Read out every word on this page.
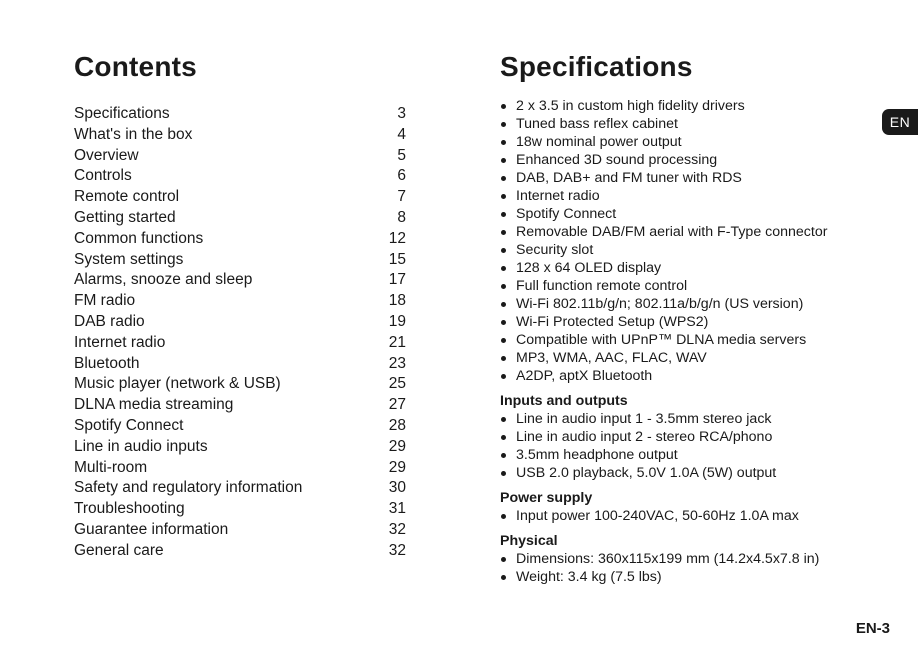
Contents
Specifications	3
What's in the box	4
Overview	5
Controls	6
Remote control	7
Getting started	8
Common functions	12
System settings	15
Alarms, snooze and sleep	17
FM radio	18
DAB radio	19
Internet radio	21
Bluetooth	23
Music player (network & USB)	25
DLNA media streaming	27
Spotify Connect	28
Line in audio inputs	29
Multi-room	29
Safety and regulatory information	30
Troubleshooting	31
Guarantee information	32
General care	32
Specifications
2 x 3.5 in custom high fidelity drivers
Tuned bass reflex cabinet
18w nominal power output
Enhanced 3D sound processing
DAB, DAB+ and FM tuner with RDS
Internet radio
Spotify Connect
Removable DAB/FM aerial with F-Type connector
Security slot
128 x 64 OLED display
Full function remote control
Wi-Fi 802.11b/g/n; 802.11a/b/g/n (US version)
Wi-Fi Protected Setup (WPS2)
Compatible with UPnP™ DLNA media servers
MP3, WMA, AAC, FLAC, WAV
A2DP, aptX Bluetooth
Inputs and outputs
Line in audio input 1 - 3.5mm stereo jack
Line in audio input 2 - stereo RCA/phono
3.5mm headphone output
USB 2.0 playback, 5.0V 1.0A (5W) output
Power supply
Input power 100-240VAC, 50-60Hz 1.0A max
Physical
Dimensions: 360x115x199 mm (14.2x4.5x7.8 in)
Weight: 3.4 kg (7.5 lbs)
EN
EN-3
